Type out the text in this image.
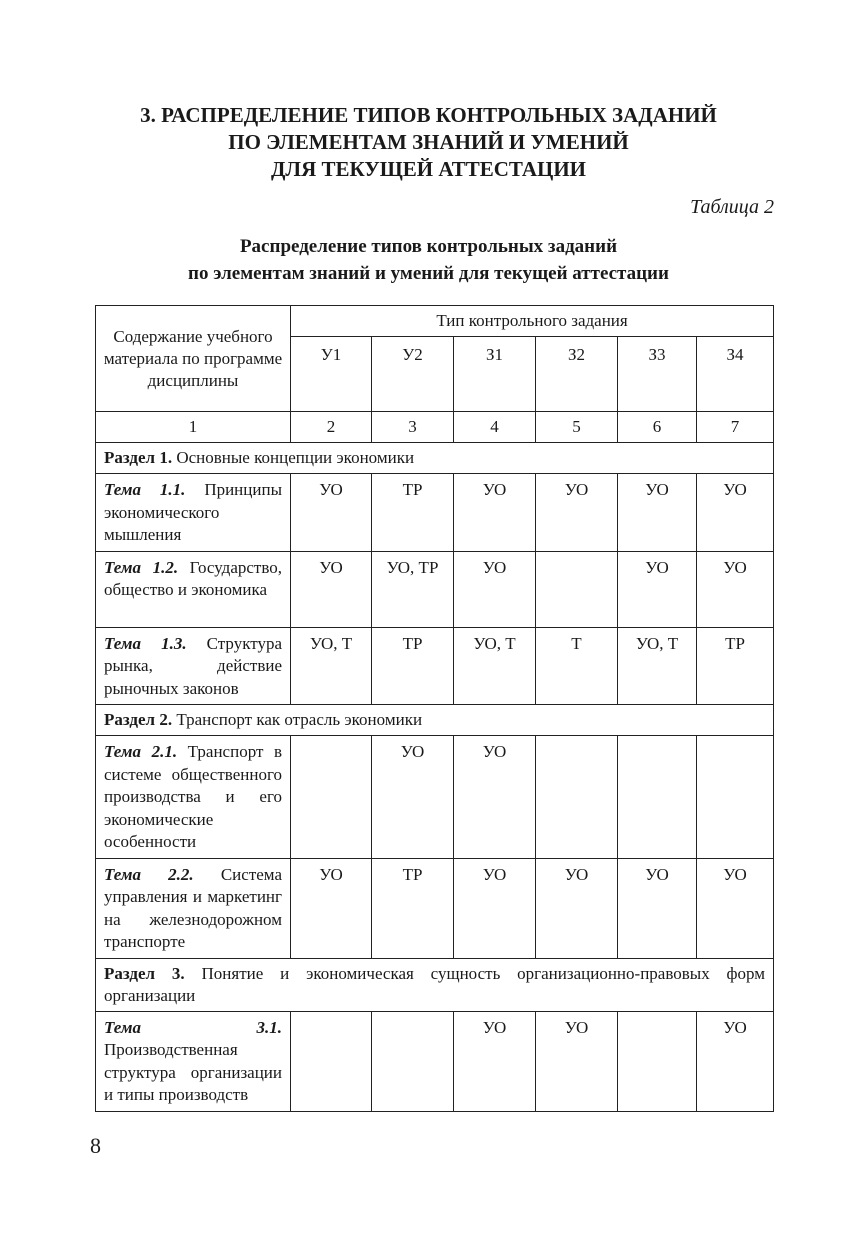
3. РАСПРЕДЕЛЕНИЕ ТИПОВ КОНТРОЛЬНЫХ ЗАДАНИЙ
ПО ЭЛЕМЕНТАМ ЗНАНИЙ И УМЕНИЙ
ДЛЯ ТЕКУЩЕЙ АТТЕСТАЦИИ
Таблица 2
Распределение типов контрольных заданий
по элементам знаний и умений для текущей аттестации
Содержание учебного материала по программе дисциплины	Тип контрольного задания					
	У1	У2	З1	З2	З3	З4
1	2	3	4	5	6	7
Раздел 1. Основные концепции экономики						
Тема 1.1. Принципы экономического мышления	УО	ТР	УО	УО	УО	УО
Тема 1.2. Государство, общество и экономика	УО	УО, ТР	УО		УО	УО
Тема 1.3. Структура рынка, действие рыночных законов	УО, Т	ТР	УО, Т	Т	УО, Т	ТР
Раздел 2. Транспорт как отрасль экономики						
Тема 2.1. Транспорт в системе общественного производства и его экономические особенности		УО	УО			
Тема 2.2. Система управления и маркетинг на железнодорожном транспорте	УО	ТР	УО	УО	УО	УО
Раздел 3. Понятие и экономическая сущность организационно-правовых форм организации						
Тема 3.1. Производственная структура организации и типы производств			УО	УО		УО
8
